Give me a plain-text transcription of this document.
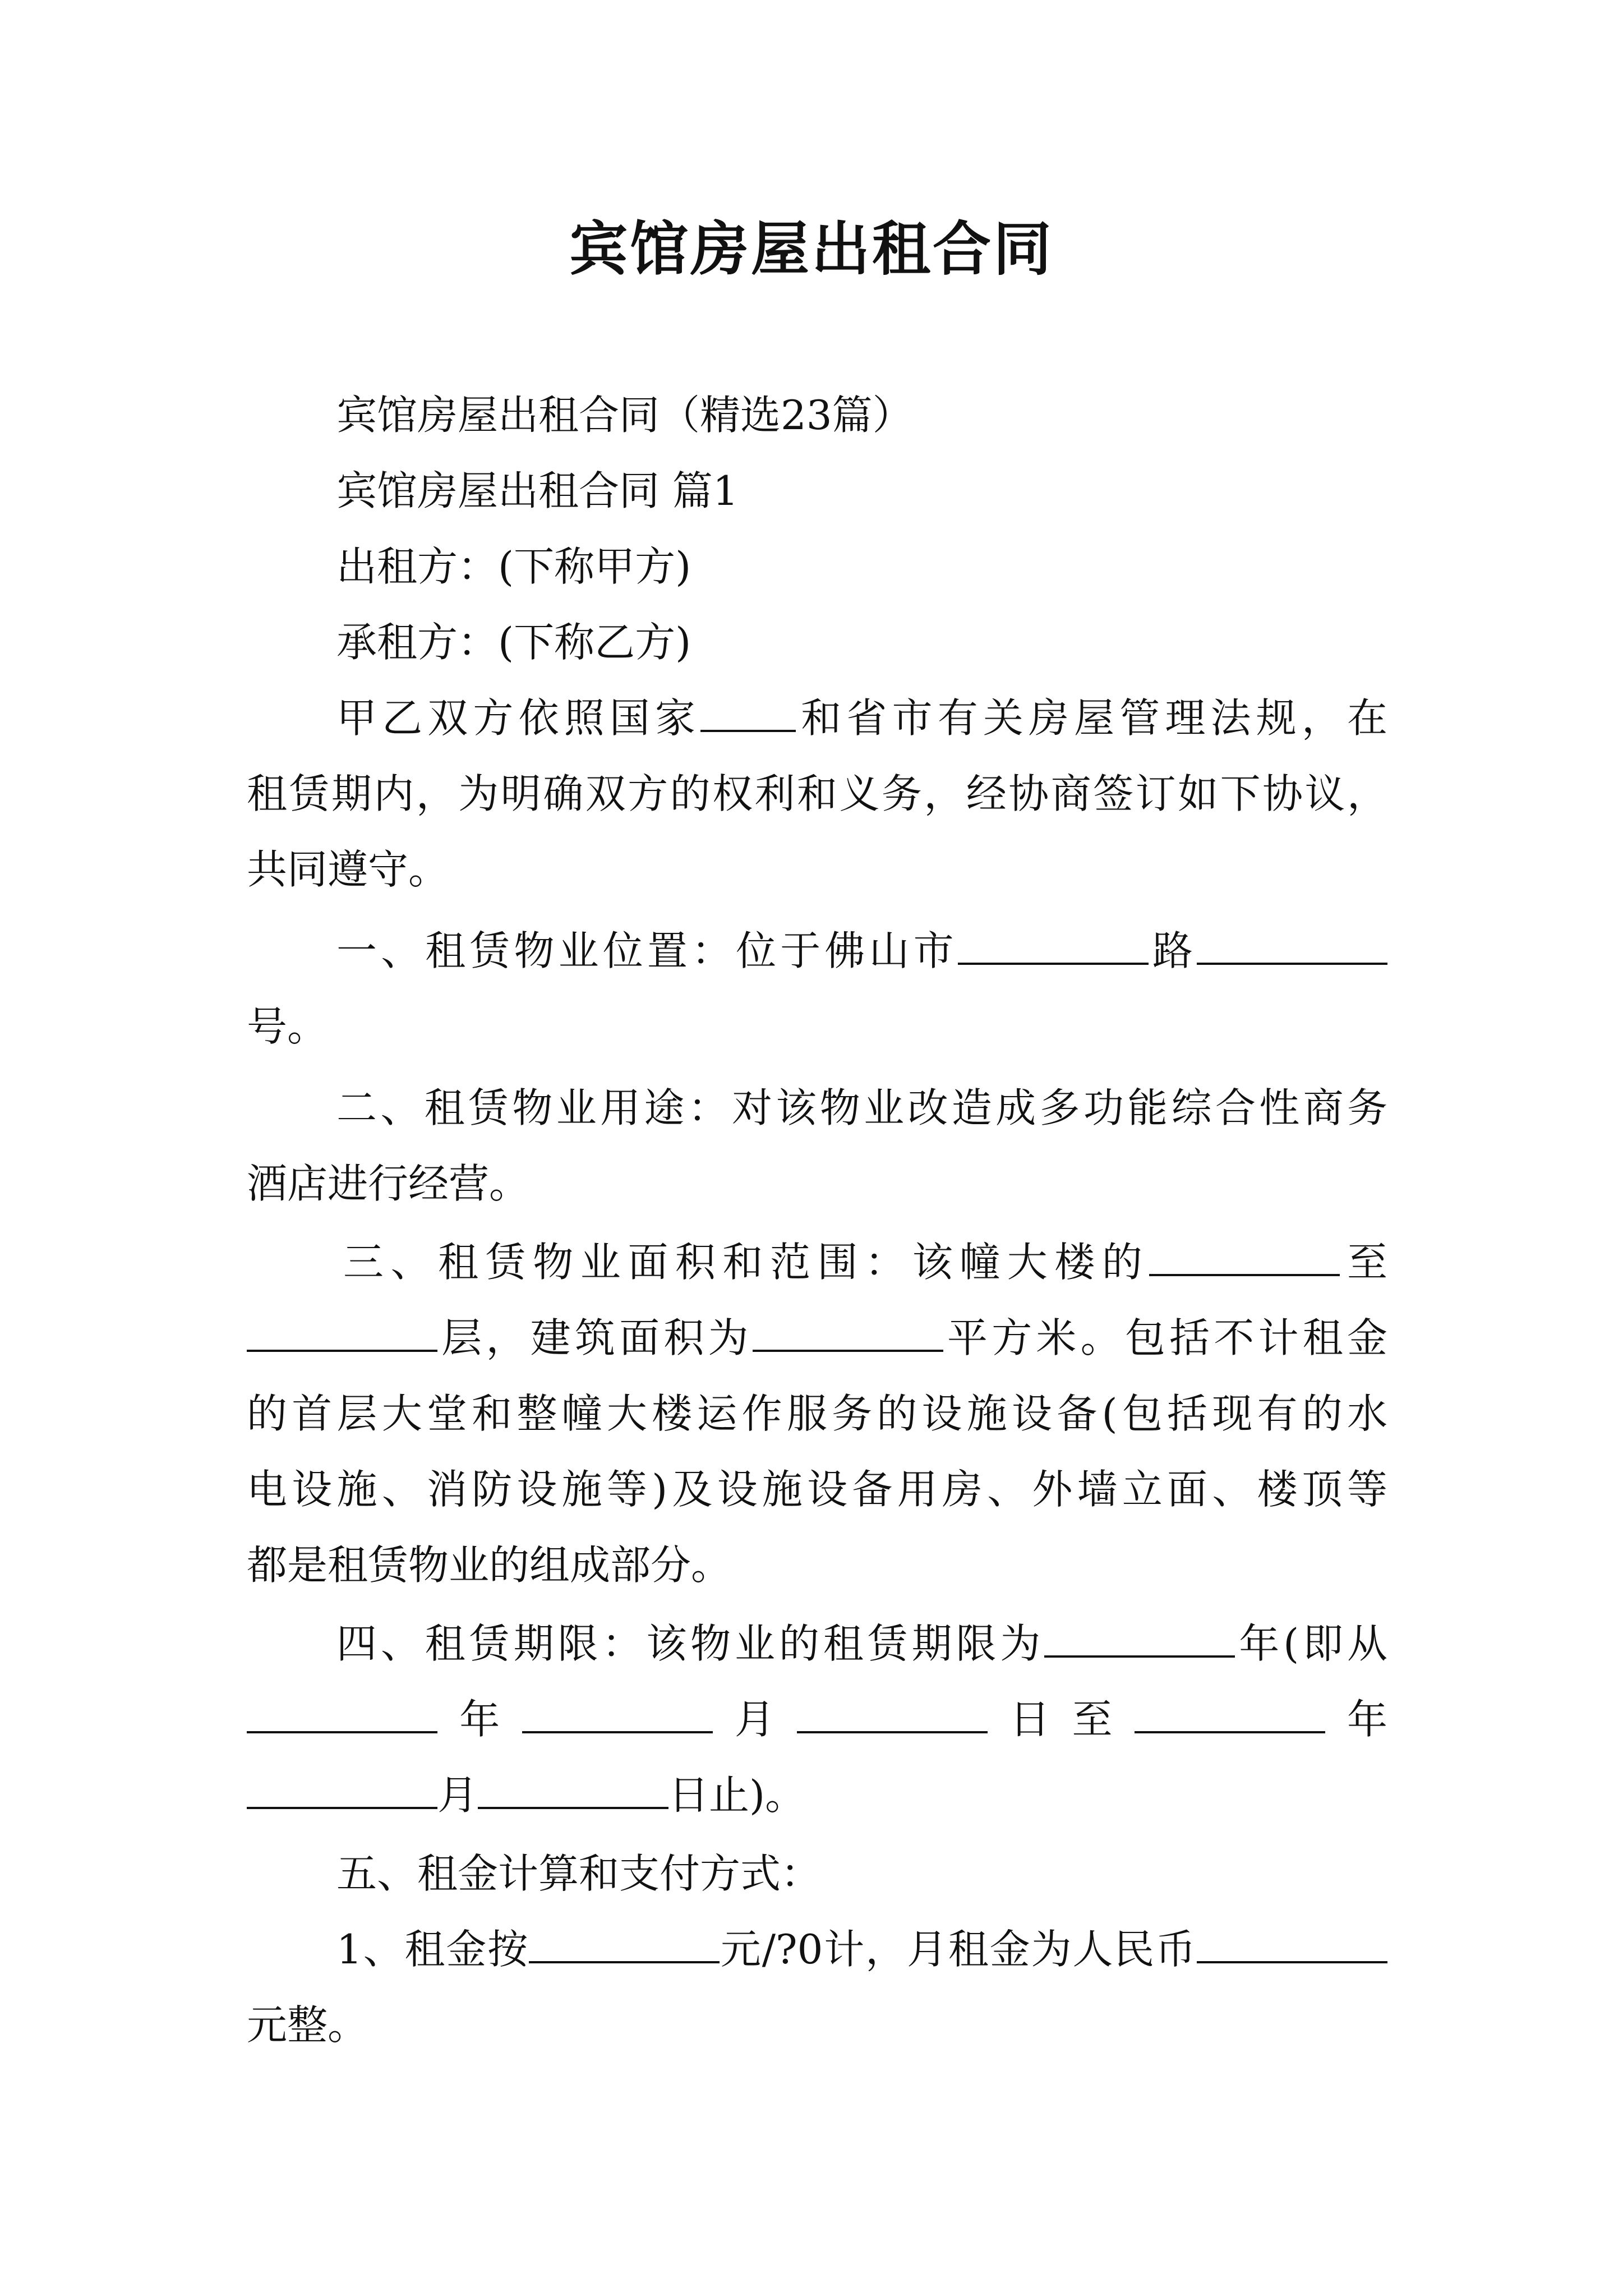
宾馆房屋出租合同

宾馆房屋出租合同（精选23篇）

宾馆房屋出租合同 篇1

出租方：(下称甲方)

承租方：(下称乙方)

甲乙双方依照国家 和省市有关房屋管理法规，在

租赁期内，为明确双方的权利和义务，经协商签订如下协议，

共同遵守。

一、租赁物业位置：位于佛山市	路

号。

二、租赁物业用途：对该物业改造成多功能综合性商务

酒店进行经营。

三、租赁物业面积和范围：该幢大楼的	至

层，建筑面积为	平方米。包括不计租金

的首层大堂和整幢大楼运作服务的设施设备(包括现有的水

电设施、消防设施等)及设施设备用房、外墙立面、楼顶等

都是租赁物业的组成部分。

四、租赁期限：该物业的租赁期限为	年(即从

年	月	日至	年

月	日止)。

五、租金计算和支付方式：

1、租金按	元/?0计，月租金为人民币

元整。
